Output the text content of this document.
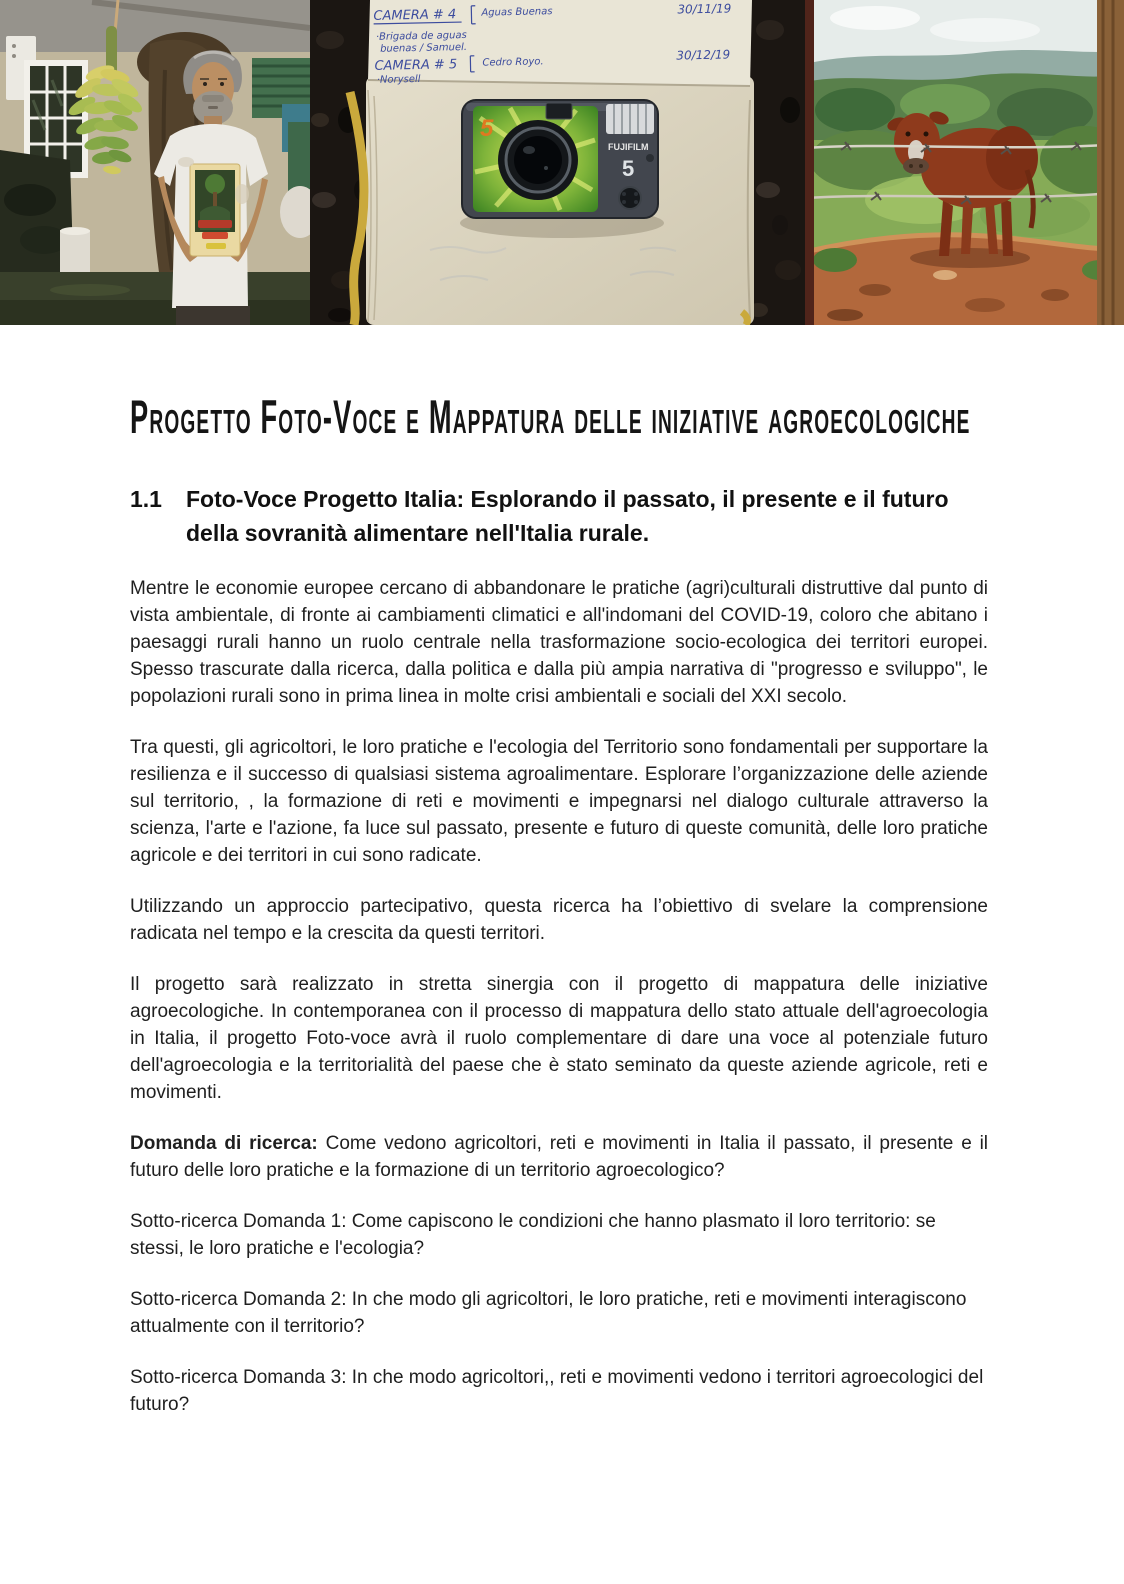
CAMERA # 4 Aguas Buenas	30/11/19
·Brigada de aguas
buenas / Samuel.
CAMERA # 5 Cedro Royo.	30/12/19
·Norysell
5
FUJIFILM
5
Progetto Foto-Voce e Mappatura delle iniziative agroecologiche
1.1	Foto-Voce Progetto Italia: Esplorando il passato, il presente e il futuro della sovranità alimentare nell'Italia rurale.

Mentre le economie europee cercano di abbandonare le pratiche (agri)culturali distruttive dal punto di vista ambientale, di fronte ai cambiamenti climatici e all'indomani del COVID-19, coloro che abitano i paesaggi rurali hanno un ruolo centrale nella trasformazione socio-ecologica dei territori europei. Spesso trascurate dalla ricerca, dalla politica e dalla più ampia narrativa di "progresso e sviluppo", le popolazioni rurali sono in prima linea in molte crisi ambientali e sociali del XXI secolo.

Tra questi, gli agricoltori, le loro pratiche e l'ecologia del Territorio sono fondamentali per supportare la resilienza e il successo di qualsiasi sistema agroalimentare. Esplorare l’organizzazione delle aziende sul territorio, , la formazione di reti e movimenti e impegnarsi nel dialogo culturale attraverso la scienza, l'arte e l'azione, fa luce sul passato, presente e futuro di queste comunità, delle loro pratiche agricole e dei territori in cui sono radicate.

Utilizzando un approccio partecipativo, questa ricerca ha l’obiettivo di svelare la comprensione radicata nel tempo e la crescita da questi territori.

Il progetto sarà realizzato in stretta sinergia con il progetto di mappatura delle iniziative agroecologiche. In contemporanea con il processo di mappatura dello stato attuale dell'agroecologia in Italia, il progetto Foto-voce avrà il ruolo complementare di dare una voce al potenziale futuro dell'agroecologia e la territorialità del paese che è stato seminato da queste aziende agricole, reti e movimenti.

Domanda di ricerca: Come vedono agricoltori, reti e movimenti in Italia il passato, il presente e il futuro delle loro pratiche e la formazione di un territorio agroecologico?

Sotto-ricerca Domanda 1: Come capiscono le condizioni che hanno plasmato il loro territorio: se stessi, le loro pratiche e l'ecologia?

Sotto-ricerca Domanda 2: In che modo gli agricoltori, le loro pratiche, reti e movimenti interagiscono attualmente con il territorio?

Sotto-ricerca Domanda 3: In che modo agricoltori,, reti e movimenti vedono i territori agroecologici del futuro?
